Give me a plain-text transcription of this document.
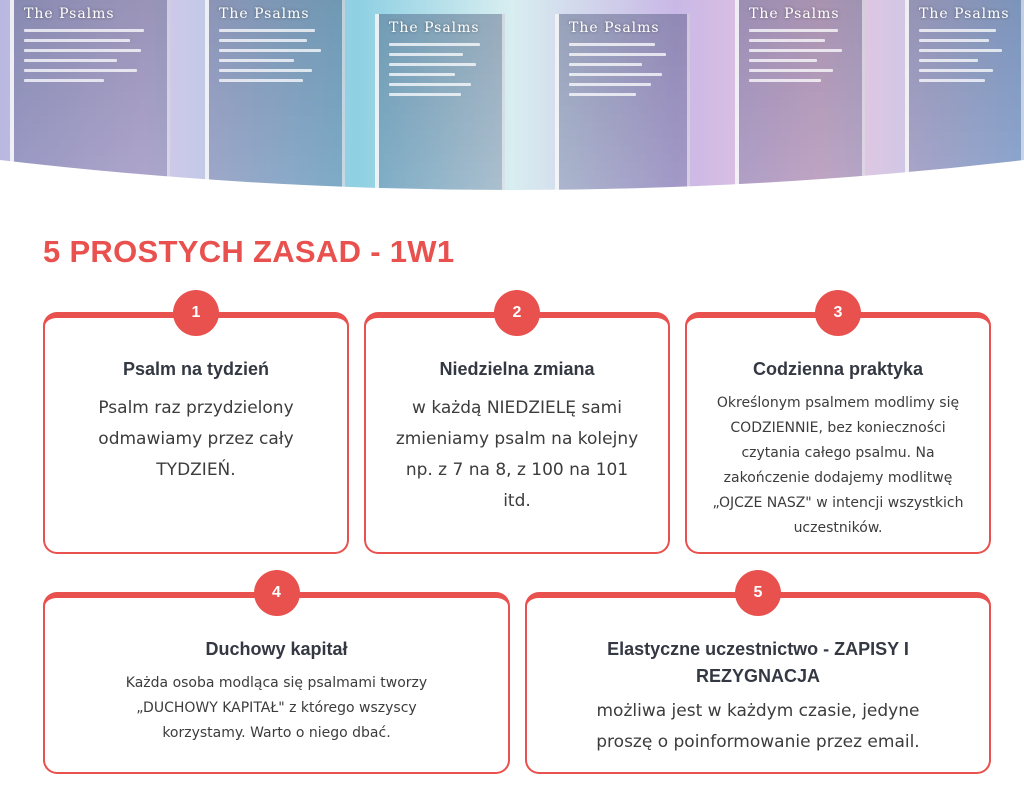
The Psalms	The Psalms
The Psalms	The Psalms
The Psalms	The Psalms
5 PROSTYCH ZASAD - 1W1
1

Psalm na tydzień

Psalm raz przydzielony odmawiamy przez cały TYDZIEŃ.

2

Niedzielna zmiana

w każdą NIEDZIELĘ sami zmieniamy psalm na kolejny np. z 7 na 8, z 100 na 101 itd.

3

Codzienna praktyka

Określonym psalmem modlimy się CODZIENNIE, bez konieczności czytania całego psalmu. Na zakończenie dodajemy modlitwę „OJCZE NASZ" w intencji wszystkich uczestników.

4

Duchowy kapitał

Każda osoba modląca się psalmami tworzy „DUCHOWY KAPITAŁ" z którego wszyscy korzystamy. Warto o niego dbać.

5

Elastyczne uczestnictwo - ZAPISY I REZYGNACJA

możliwa jest w każdym czasie, jedyne proszę o poinformowanie przez email.
